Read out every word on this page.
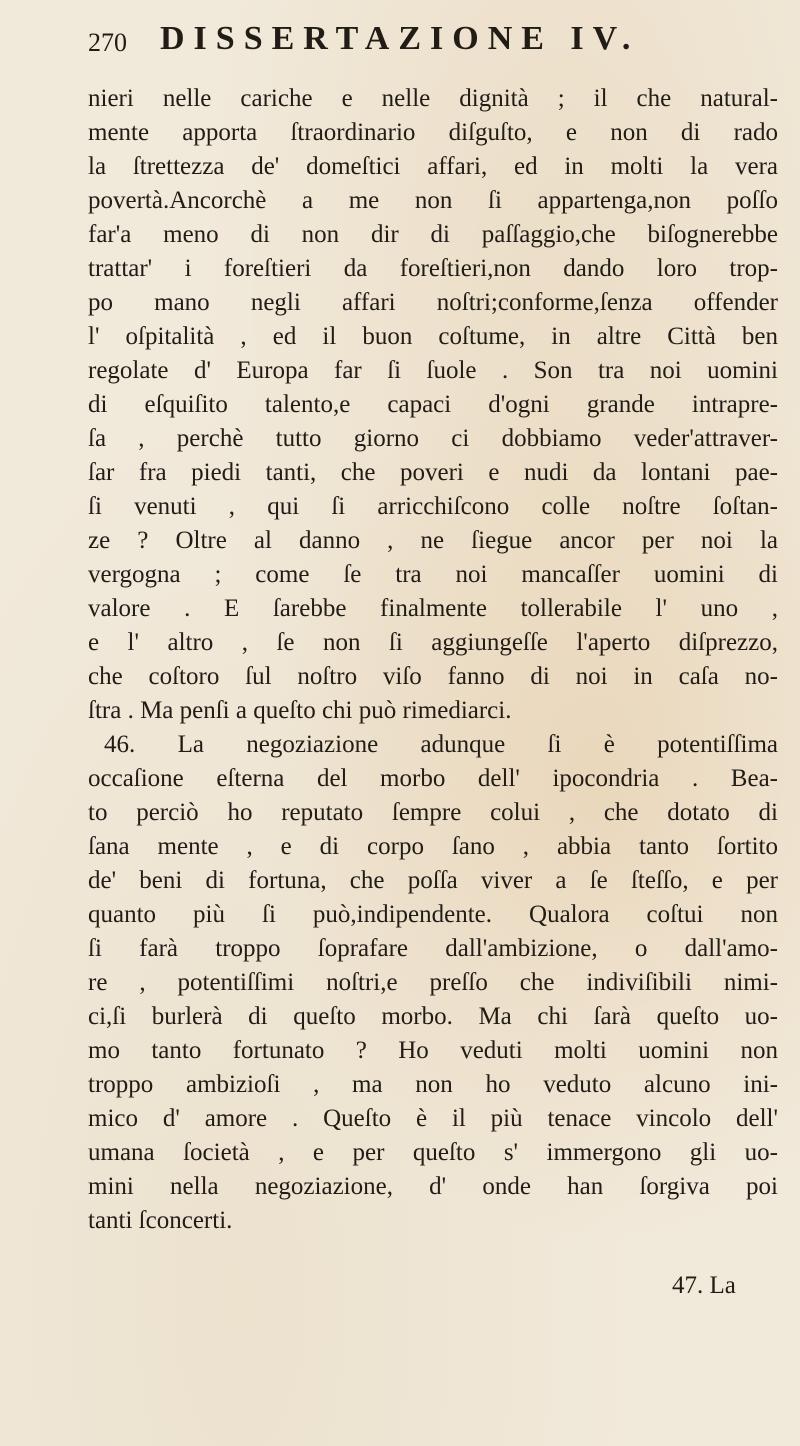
270 DISSERTAZIONE IV.
nieri nelle cariche e nelle dignità ; il che natural-
mente apporta ſtraordinario diſguſto, e non di rado
la ſtrettezza de' domeſtici affari, ed in molti la vera
povertà.Ancorchè a me non ſi appartenga,non poſſo
far'a meno di non dir di paſſaggio,che biſognerebbe
trattar' i foreſtieri da foreſtieri,non dando loro trop-
po mano negli affari noſtri;conforme,ſenza offender
l' oſpitalità , ed il buon coſtume, in altre Città ben
regolate d' Europa far ſi ſuole . Son tra noi uomini
di eſquiſito talento,e capaci d'ogni grande intrapre-
ſa , perchè tutto giorno ci dobbiamo veder'attraver-
ſar fra piedi tanti, che poveri e nudi da lontani pae-
ſi venuti , qui ſi arricchiſcono colle noſtre ſoſtan-
ze ? Oltre al danno , ne ſiegue ancor per noi la
vergogna ; come ſe tra noi mancaſſer uomini di
valore . E ſarebbe finalmente tollerabile l' uno ,
e l' altro , ſe non ſi aggiungeſſe l'aperto diſprezzo,
che coſtoro ſul noſtro viſo fanno di noi in caſa no-
ſtra . Ma penſi a queſto chi può rimediarci.
46. La negoziazione adunque ſi è potentiſſima
occaſione eſterna del morbo dell' ipocondria . Bea-
to perciò ho reputato ſempre colui , che dotato di
ſana mente , e di corpo ſano , abbia tanto ſortito
de' beni di fortuna, che poſſa viver a ſe ſteſſo, e per
quanto più ſi può,indipendente. Qualora coſtui non
ſi farà troppo ſoprafare dall'ambizione, o dall'amo-
re , potentiſſimi noſtri,e preſſo che indiviſibili nimi-
ci,ſi burlerà di queſto morbo. Ma chi ſarà queſto uo-
mo tanto fortunato ? Ho veduti molti uomini non
troppo ambizioſi , ma non ho veduto alcuno ini-
mico d' amore . Queſto è il più tenace vincolo dell'
umana ſocietà , e per queſto s' immergono gli uo-
mini nella negoziazione, d' onde han ſorgiva poi
tanti ſconcerti.
47. La
